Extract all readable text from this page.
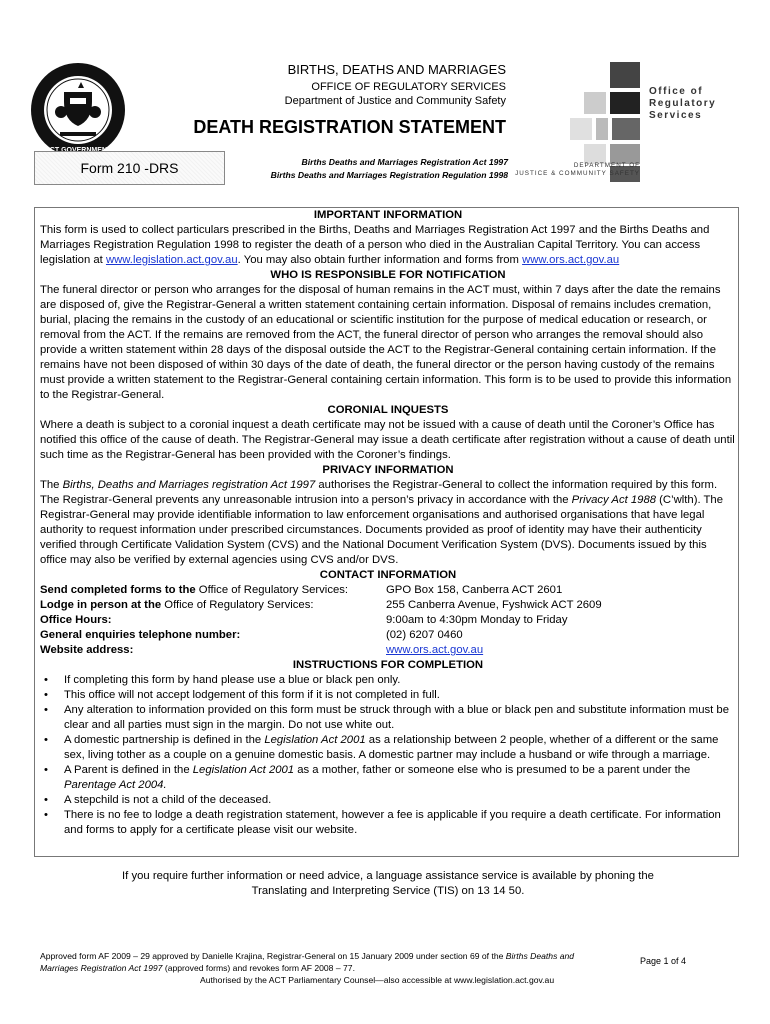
BIRTHS, DEATHS AND MARRIAGES
OFFICE OF REGULATORY SERVICES
Department of Justice and Community Safety
DEATH REGISTRATION STATEMENT
Form 210 -DRS	Births Deaths and Marriages Registration Act 1997
Births Deaths and Marriages Registration Regulation 1998
Office of
Regulatory
Services
DEPARTMENT OF
JUSTICE & COMMUNITY SAFETY
IMPORTANT INFORMATION
This form is used to collect particulars prescribed in the Births, Deaths and Marriages Registration Act 1997 and the Births Deaths and Marriages Registration Regulation 1998 to register the death of a person who died in the Australian Capital Territory. You can access legislation at www.legislation.act.gov.au. You may also obtain further information and forms from www.ors.act.gov.au
WHO IS RESPONSIBLE FOR NOTIFICATION
The funeral director or person who arranges for the disposal of human remains in the ACT must, within 7 days after the date the remains are disposed of, give the Registrar-General a written statement containing certain information. Disposal of remains includes cremation, burial, placing the remains in the custody of an educational or scientific institution for the purpose of medical education or research, or removal from the ACT. If the remains are removed from the ACT, the funeral director of person who arranges the removal should also provide a written statement within 28 days of the disposal outside the ACT to the Registrar-General containing certain information. If the remains have not been disposed of within 30 days of the date of death, the funeral director or the person having custody of the remains must provide a written statement to the Registrar-General containing certain information. This form is to be used to provide this information to the Registrar-General.
CORONIAL INQUESTS
Where a death is subject to a coronial inquest a death certificate may not be issued with a cause of death until the Coroner’s Office has notified this office of the cause of death. The Registrar-General may issue a death certificate after registration without a cause of death until such time as the Registrar-General has been provided with the Coroner’s findings.
PRIVACY INFORMATION
The Births, Deaths and Marriages registration Act 1997 authorises the Registrar-General to collect the information required by this form. The Registrar-General prevents any unreasonable intrusion into a person’s privacy in accordance with the Privacy Act 1988 (C’wlth). The Registrar-General may provide identifiable information to law enforcement organisations and authorised organisations that have legal authority to request information under prescribed circumstances. Documents provided as proof of identity may have their authenticity verified through Certificate Validation System (CVS) and the National Document Verification System (DVS). Documents issued by this office may also be verified by external agencies using CVS and/or DVS.
CONTACT INFORMATION
Send completed forms to the Office of Regulatory Services:	GPO Box 158, Canberra ACT 2601
Lodge in person at the Office of Regulatory Services:	255 Canberra Avenue, Fyshwick ACT 2609
Office Hours:	9:00am to 4:30pm Monday to Friday
General enquiries telephone number:	(02) 6207 0460
Website address:	www.ors.act.gov.au
INSTRUCTIONS FOR COMPLETION
• If completing this form by hand please use a blue or black pen only.
• This office will not accept lodgement of this form if it is not completed in full.
• Any alteration to information provided on this form must be struck through with a blue or black pen and substitute information must be clear and all parties must sign in the margin. Do not use white out.
• A domestic partnership is defined in the Legislation Act 2001 as a relationship between 2 people, whether of a different or the same sex, living tother as a couple on a genuine domestic basis. A domestic partner may include a husband or wife through a marriage.
• A Parent is defined in the Legislation Act 2001 as a mother, father or someone else who is presumed to be a parent under the Parentage Act 2004.
• A stepchild is not a child of the deceased.
• There is no fee to lodge a death registration statement, however a fee is applicable if you require a death certificate. For information and forms to apply for a certificate please visit our website.
If you require further information or need advice, a language assistance service is available by phoning the
Translating and Interpreting Service (TIS) on 13 14 50.
Approved form AF 2009 – 29 approved by Danielle Krajina, Registrar-General on 15 January 2009 under section 69 of the Births Deaths and
Marriages Registration Act 1997 (approved forms) and revokes form AF 2008 – 77.
Authorised by the ACT Parliamentary Counsel—also accessible at www.legislation.act.gov.au
Page 1 of 4
